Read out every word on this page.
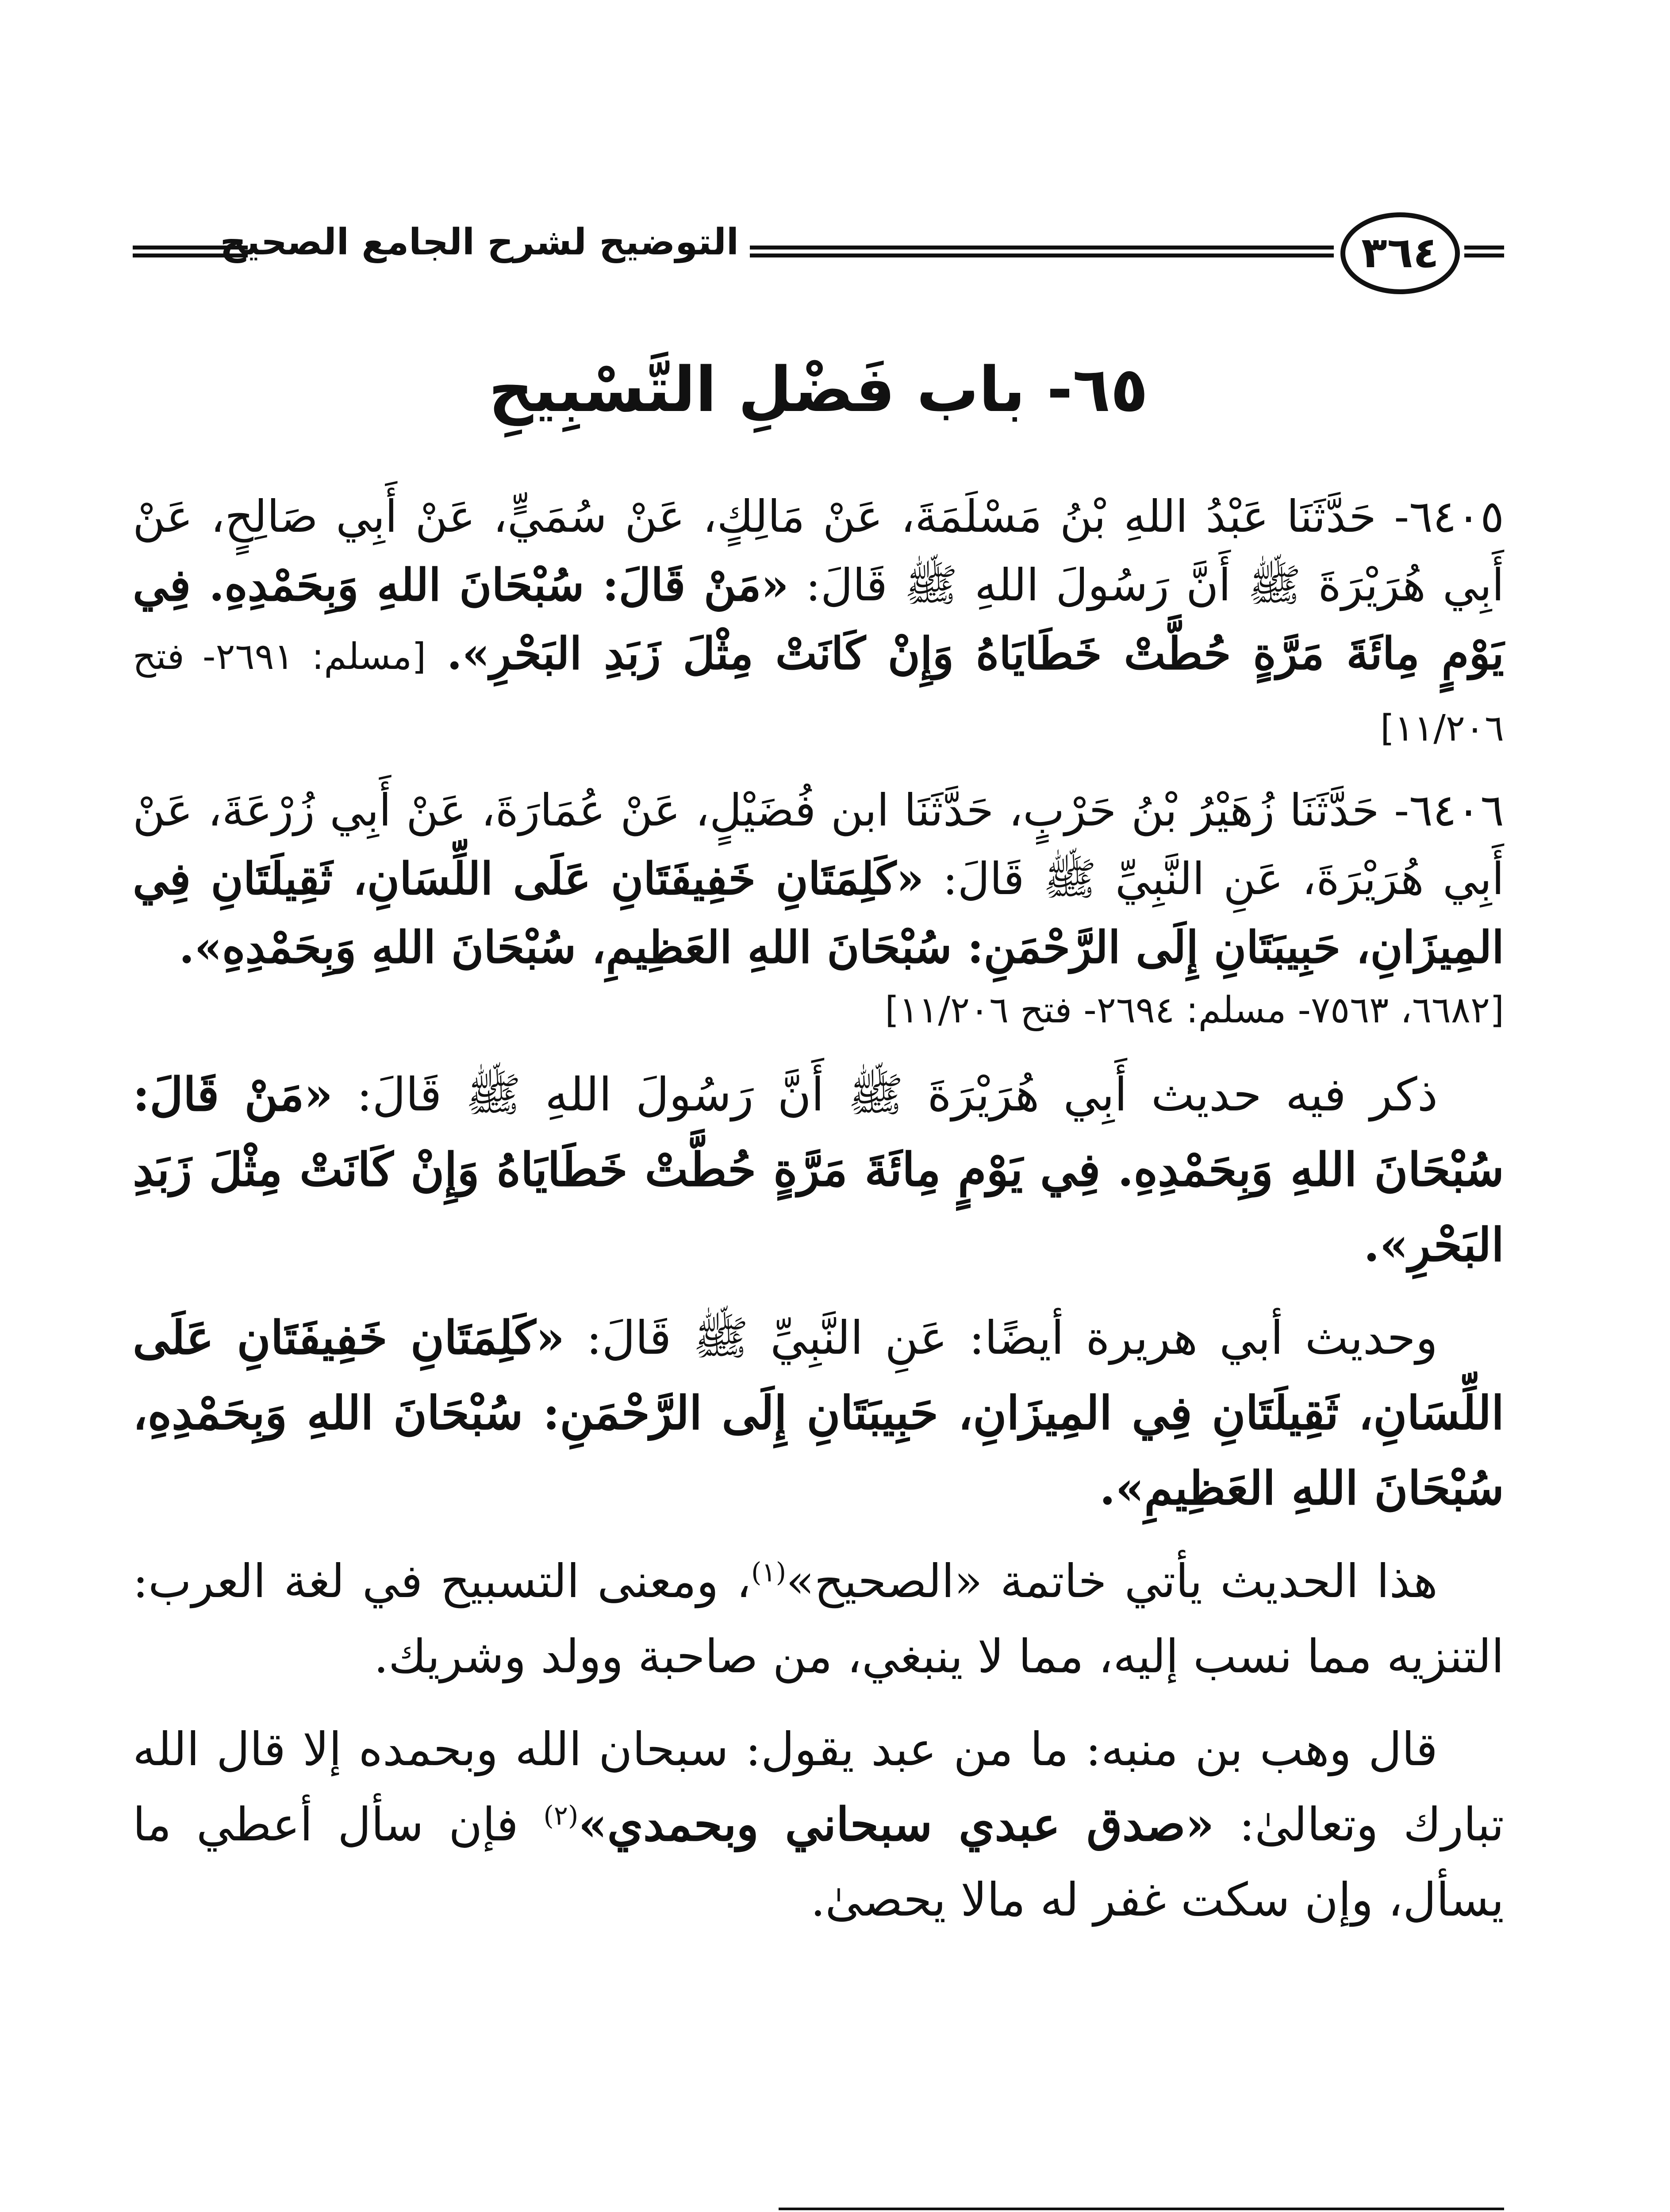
التوضيح لشرح الجامع الصحيح	٣٦٤
٦٥- باب فَضْلِ التَّسْبِيحِ

٦٤٠٥- حَدَّثَنَا عَبْدُ اللهِ بْنُ مَسْلَمَةَ، عَنْ مَالِكٍ، عَنْ سُمَيٍّ، عَنْ أَبِي صَالِحٍ، عَنْ أَبِي هُرَيْرَةَ ﷺ أَنَّ رَسُولَ اللهِ ﷺ قَالَ: «مَنْ قَالَ: سُبْحَانَ اللهِ وَبِحَمْدِهِ. فِي يَوْمٍ مِائَةَ مَرَّةٍ حُطَّتْ خَطَايَاهُ وَإِنْ كَانَتْ مِثْلَ زَبَدِ البَحْرِ». [مسلم: ٢٦٩١- فتح ١١/٢٠٦]

٦٤٠٦- حَدَّثَنَا زُهَيْرُ بْنُ حَرْبٍ، حَدَّثَنَا ابن فُضَيْلٍ، عَنْ عُمَارَةَ، عَنْ أَبِي زُرْعَةَ، عَنْ أَبِي هُرَيْرَةَ، عَنِ النَّبِيِّ ﷺ قَالَ: «كَلِمَتَانِ خَفِيفَتَانِ عَلَى اللِّسَانِ، ثَقِيلَتَانِ فِي المِيزَانِ، حَبِيبَتَانِ إِلَى الرَّحْمَنِ: سُبْحَانَ اللهِ العَظِيمِ، سُبْحَانَ اللهِ وَبِحَمْدِهِ».
[٦٦٨٢، ٧٥٦٣- مسلم: ٢٦٩٤- فتح ١١/٢٠٦]

ذكر فيه حديث أَبِي هُرَيْرَةَ ﷺ أَنَّ رَسُولَ اللهِ ﷺ قَالَ: «مَنْ قَالَ: سُبْحَانَ اللهِ وَبِحَمْدِهِ. فِي يَوْمٍ مِائَةَ مَرَّةٍ حُطَّتْ خَطَايَاهُ وَإِنْ كَانَتْ مِثْلَ زَبَدِ البَحْرِ».

وحديث أبي هريرة أيضًا: عَنِ النَّبِيِّ ﷺ قَالَ: «كَلِمَتَانِ خَفِيفَتَانِ عَلَى اللِّسَانِ، ثَقِيلَتَانِ فِي المِيزَانِ، حَبِيبَتَانِ إِلَى الرَّحْمَنِ: سُبْحَانَ اللهِ وَبِحَمْدِهِ، سُبْحَانَ اللهِ العَظِيمِ».

هذا الحديث يأتي خاتمة «الصحيح»$^{(١)}$، ومعنى التسبيح في لغة العرب: التنزيه مما نسب إليه، مما لا ينبغي، من صاحبة وولد وشريك.

قال وهب بن منبه: ما من عبد يقول: سبحان الله وبحمده إلا قال الله تبارك وتعالىٰ: «صدق عبدي سبحاني وبحمدي»$^{(٢)}$ فإن سأل أعطي ما يسأل، وإن سكت غفر له مالا يحصىٰ.
